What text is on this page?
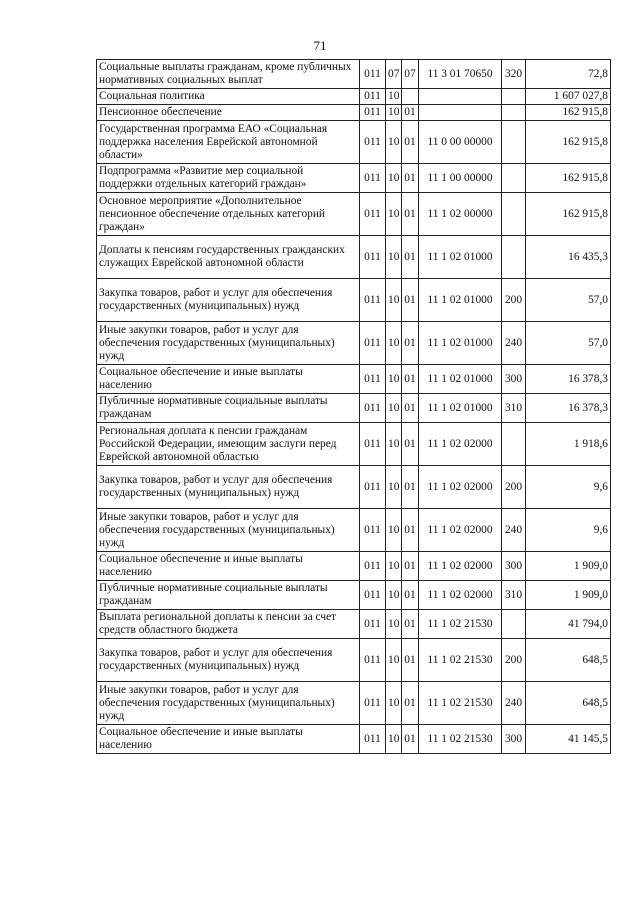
71
Социальные выплаты гражданам, кроме публичных нормативных социальных выплат	011	07	07	11 3 01 70650	320	72,8
Социальная политика	011	10				1 607 027,8
Пенсионное обеспечение	011	10	01			162 915,8
Государственная программа ЕАО «Социальная поддержка населения Еврейской автономной области»	011	10	01	11 0 00 00000		162 915,8
Подпрограмма «Развитие мер социальной поддержки отдельных категорий граждан»	011	10	01	11 1 00 00000		162 915,8
Основное мероприятие «Дополнительное пенсионное обеспечение отдельных категорий граждан»	011	10	01	11 1 02 00000		162 915,8
Доплаты к пенсиям государственных гражданских служащих Еврейской автономной области	011	10	01	11 1 02 01000		16 435,3
Закупка товаров, работ и услуг для обеспечения государственных (муниципальных) нужд	011	10	01	11 1 02 01000	200	57,0
Иные закупки товаров, работ и услуг для обеспечения государственных (муниципальных) нужд	011	10	01	11 1 02 01000	240	57,0
Социальное обеспечение и иные выплаты населению	011	10	01	11 1 02 01000	300	16 378,3
Публичные нормативные социальные выплаты гражданам	011	10	01	11 1 02 01000	310	16 378,3
Региональная доплата к пенсии гражданам Российской Федерации, имеющим заслуги перед Еврейской автономной областью	011	10	01	11 1 02 02000		1 918,6
Закупка товаров, работ и услуг для обеспечения государственных (муниципальных) нужд	011	10	01	11 1 02 02000	200	9,6
Иные закупки товаров, работ и услуг для обеспечения государственных (муниципальных) нужд	011	10	01	11 1 02 02000	240	9,6
Социальное обеспечение и иные выплаты населению	011	10	01	11 1 02 02000	300	1 909,0
Публичные нормативные социальные выплаты гражданам	011	10	01	11 1 02 02000	310	1 909,0
Выплата региональной доплаты к пенсии за счет средств областного бюджета	011	10	01	11 1 02 21530		41 794,0
Закупка товаров, работ и услуг для обеспечения государственных (муниципальных) нужд	011	10	01	11 1 02 21530	200	648,5
Иные закупки товаров, работ и услуг для обеспечения государственных (муниципальных) нужд	011	10	01	11 1 02 21530	240	648,5
Социальное обеспечение и иные выплаты населению	011	10	01	11 1 02 21530	300	41 145,5
